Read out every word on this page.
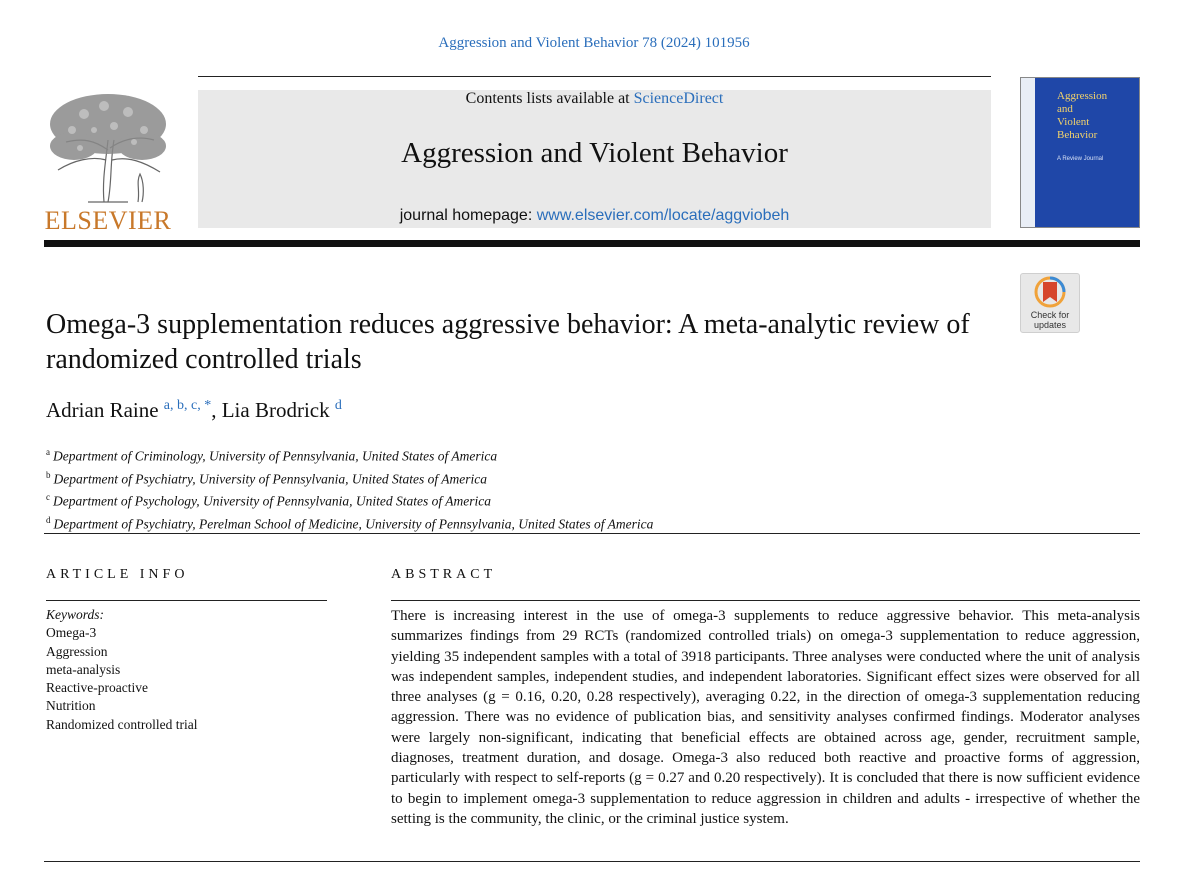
Aggression and Violent Behavior 78 (2024) 101956
ELSEVIER
Contents lists available at ScienceDirect
Aggression and Violent Behavior
journal homepage: www.elsevier.com/locate/aggviobeh
Aggression
and
Violent
Behavior
A Review Journal
Check for
updates
Omega-3 supplementation reduces aggressive behavior: A meta-analytic review of randomized controlled trials
Adrian Raine $^{a, b, c, *}$, Lia Brodrick $^d$
$^a$ Department of Criminology, University of Pennsylvania, United States of America
$^b$ Department of Psychiatry, University of Pennsylvania, United States of America
$^c$ Department of Psychology, University of Pennsylvania, United States of America
$^d$ Department of Psychiatry, Perelman School of Medicine, University of Pennsylvania, United States of America
ARTICLE INFO	ABSTRACT
Keywords:
Omega-3
Aggression
meta-analysis
Reactive-proactive
Nutrition
Randomized controlled trial
There is increasing interest in the use of omega-3 supplements to reduce aggressive behavior. This meta-analysis summarizes findings from 29 RCTs (randomized controlled trials) on omega-3 supplementation to reduce aggression, yielding 35 independent samples with a total of 3918 participants. Three analyses were conducted where the unit of analysis was independent samples, independent studies, and independent laboratories. Significant effect sizes were observed for all three analyses (g = 0.16, 0.20, 0.28 respectively), averaging 0.22, in the direction of omega-3 supplementation reducing aggression. There was no evidence of publication bias, and sensitivity analyses confirmed findings. Moderator analyses were largely non-significant, indicating that beneficial effects are obtained across age, gender, recruitment sample, diagnoses, treatment duration, and dosage. Omega-3 also reduced both reactive and proactive forms of aggression, particularly with respect to self-reports (g = 0.27 and 0.20 respectively). It is concluded that there is now sufficient evidence to begin to implement omega-3 supplementation to reduce aggression in children and adults - irrespective of whether the setting is the community, the clinic, or the criminal justice system.
